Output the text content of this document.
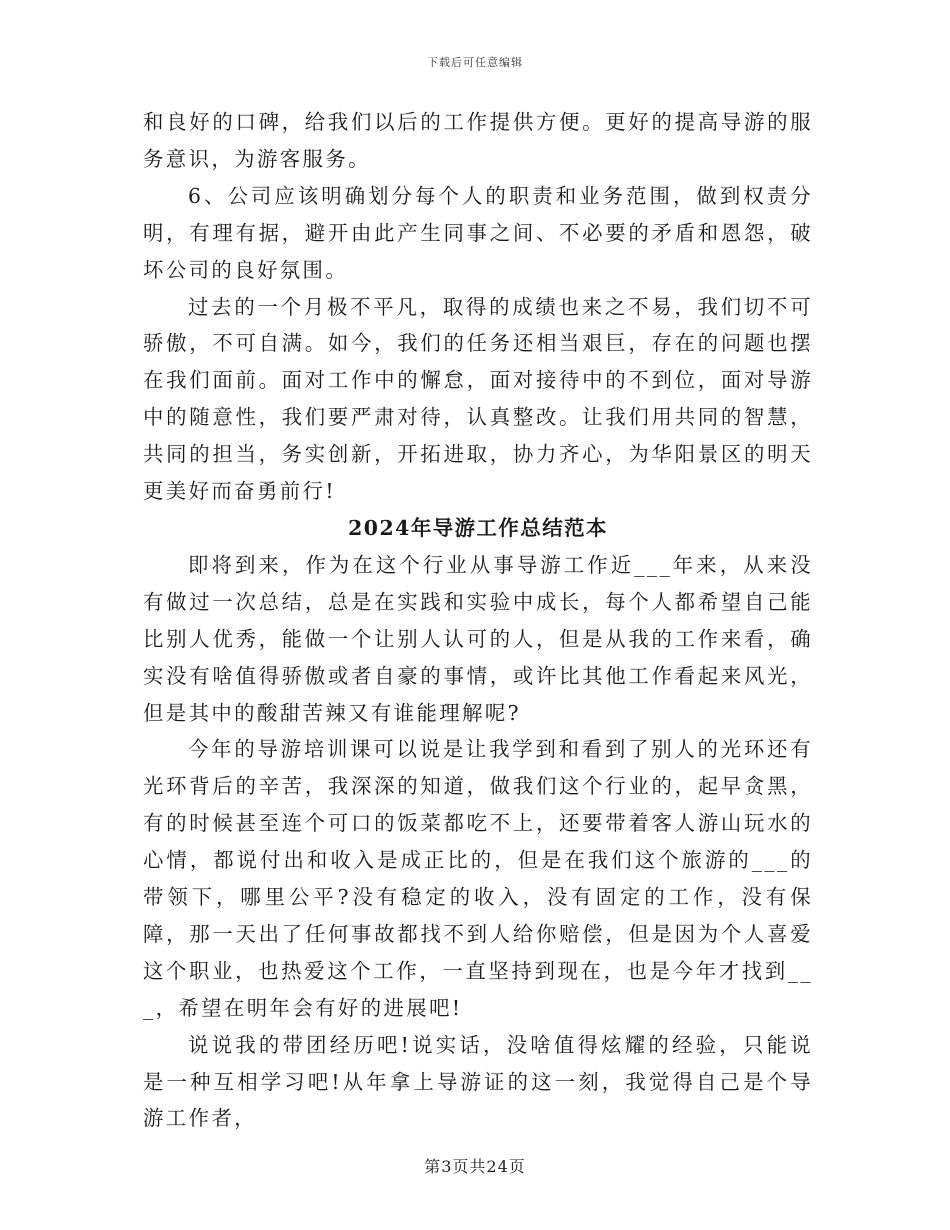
下载后可任意编辑

和良好的口碑，给我们以后的工作提供方便。更好的提高导游的服务意识，为游客服务。

6、公司应该明确划分每个人的职责和业务范围，做到权责分明，有理有据，避开由此产生同事之间、不必要的矛盾和恩怨，破坏公司的良好氛围。

过去的一个月极不平凡，取得的成绩也来之不易，我们切不可骄傲，不可自满。如今，我们的任务还相当艰巨，存在的问题也摆在我们面前。面对工作中的懈怠，面对接待中的不到位，面对导游中的随意性，我们要严肃对待，认真整改。让我们用共同的智慧，共同的担当，务实创新，开拓进取，协力齐心，为华阳景区的明天更美好而奋勇前行!

2024年导游工作总结范本

即将到来，作为在这个行业从事导游工作近___年来，从来没有做过一次总结，总是在实践和实验中成长，每个人都希望自己能比别人优秀，能做一个让别人认可的人，但是从我的工作来看，确实没有啥值得骄傲或者自豪的事情，或许比其他工作看起来风光，但是其中的酸甜苦辣又有谁能理解呢?

今年的导游培训课可以说是让我学到和看到了别人的光环还有光环背后的辛苦，我深深的知道，做我们这个行业的，起早贪黑，有的时候甚至连个可口的饭菜都吃不上，还要带着客人游山玩水的心情，都说付出和收入是成正比的，但是在我们这个旅游的___的带领下，哪里公平?没有稳定的收入，没有固定的工作，没有保障，那一天出了任何事故都找不到人给你赔偿，但是因为个人喜爱这个职业，也热爱这个工作，一直坚持到现在，也是今年才找到___，希望在明年会有好的进展吧!

说说我的带团经历吧!说实话，没啥值得炫耀的经验，只能说是一种互相学习吧!从年拿上导游证的这一刻，我觉得自己是个导游工作者，

第3页共24页
